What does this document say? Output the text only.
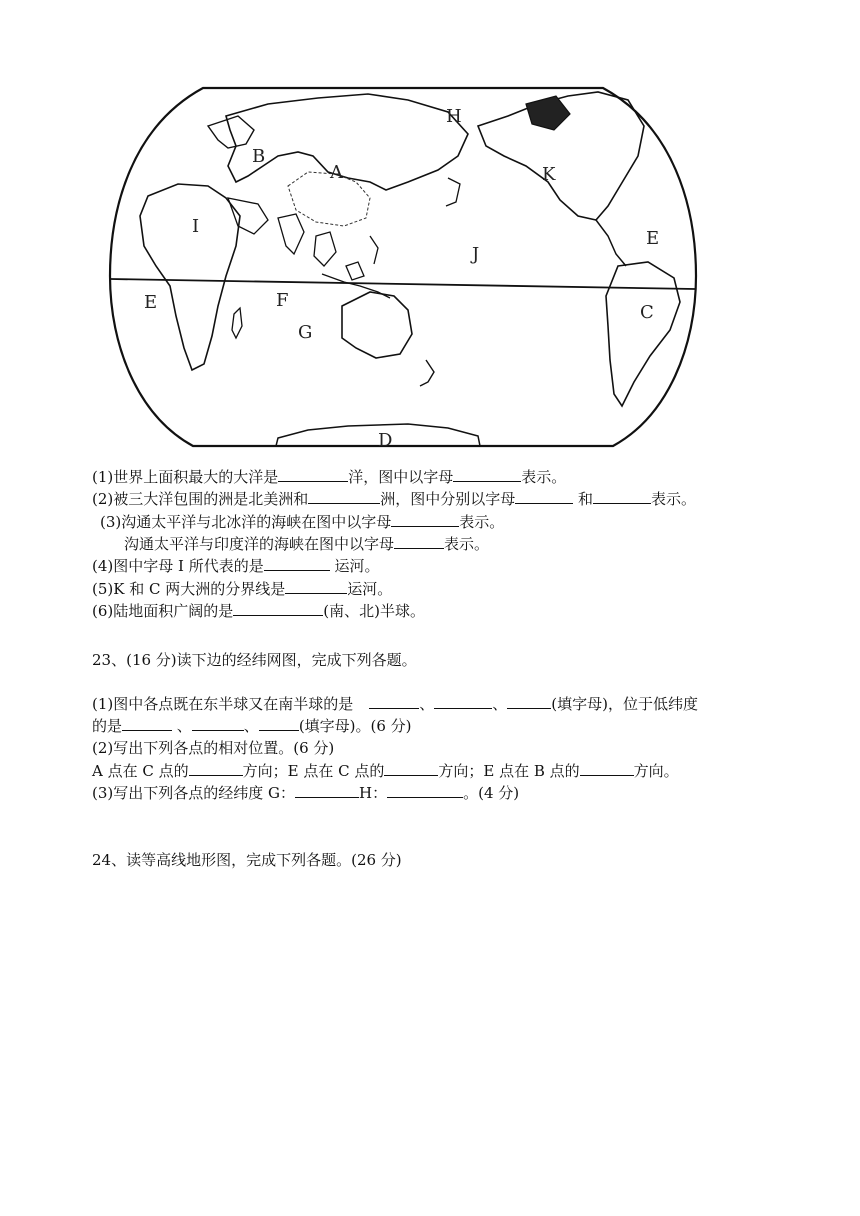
H
B
A	K
I
E
J
E	F
C
G
D
(1)世界上面积最大的大洋是	洋，图中以字母	表示。
(2)被三大洋包围的洲是北美洲和	洲，图中分别以字母	和	表示。
(3)沟通太平洋与北冰洋的海峡在图中以字母	表示。
沟通太平洋与印度洋的海峡在图中以字母	表示。
(4)图中字母 I 所代表的是	运河。
(5)K 和 C 两大洲的分界线是	运河。
(6)陆地面积广阔的是	(南、北)半球。
23、(16 分)读下边的经纬网图，完成下列各题。
(1)图中各点既在东半球又在南半球的是	、	、	(填字母)，位于低纬度
的是	、	、	(填字母)。(6 分)
(2)写出下列各点的相对位置。(6 分)
A 点在 C 点的	方向；E 点在 C 点的	方向；E 点在 B 点的	方向。
(3)写出下列各点的经纬度 G：	H：	。(4 分)
24、读等高线地形图，完成下列各题。(26 分)
